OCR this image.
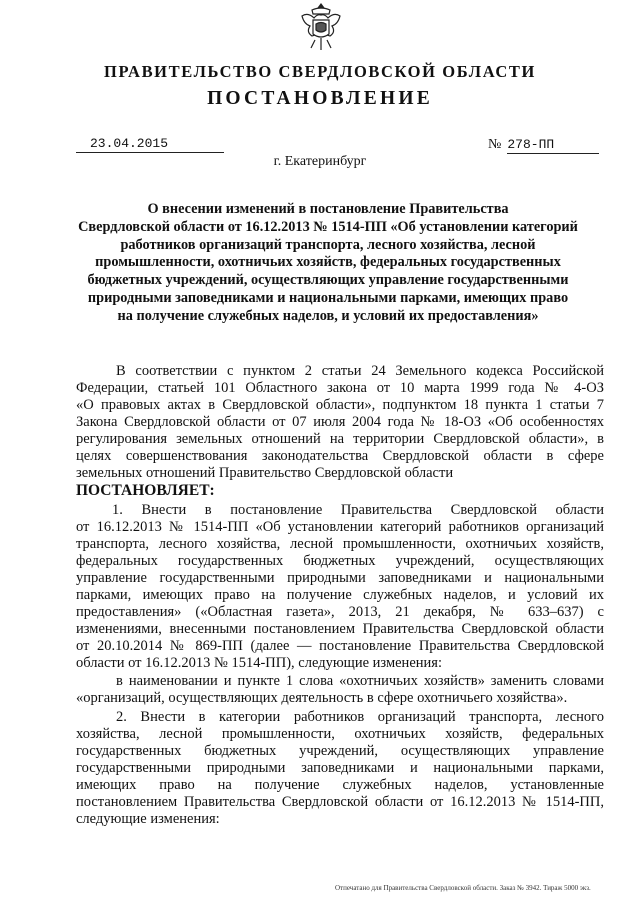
ПРАВИТЕЛЬСТВО СВЕРДЛОВСКОЙ ОБЛАСТИ
ПОСТАНОВЛЕНИЕ
23.04.2015	№ 278-ПП
г. Екатеринбург
О внесении изменений в постановление Правительства
Свердловской области от 16.12.2013 № 1514-ПП «Об установлении категорий
работников организаций транспорта, лесного хозяйства, лесной
промышленности, охотничьих хозяйств, федеральных государственных
бюджетных учреждений, осуществляющих управление государственными
природными заповедниками и национальными парками, имеющих право
на получение служебных наделов, и условий их предоставления»
В соответствии с пунктом 2 статьи 24 Земельного кодекса Российской
Федерации, статьей 101 Областного закона от 10 марта 1999 года № 4-ОЗ
«О правовых актах в Свердловской области», подпунктом 18 пункта 1 статьи 7
Закона Свердловской области от 07 июля 2004 года № 18-ОЗ «Об особенностях
регулирования земельных отношений на территории Свердловской области», в
целях совершенствования законодательства Свердловской области в сфере
земельных отношений Правительство Свердловской области
ПОСТАНОВЛЯЕТ:
1. Внести в постановление Правительства Свердловской области
от 16.12.2013 № 1514-ПП «Об установлении категорий работников организаций
транспорта, лесного хозяйства, лесной промышленности, охотничьих хозяйств,
федеральных государственных бюджетных учреждений, осуществляющих
управление государственными природными заповедниками и национальными
парками, имеющих право на получение служебных наделов, и условий их
предоставления» («Областная газета», 2013, 21 декабря, № 633–637) с
изменениями, внесенными постановлением Правительства Свердловской области
от 20.10.2014 № 869-ПП (далее — постановление Правительства Свердловской
области от 16.12.2013 № 1514-ПП), следующие изменения:
в наименовании и пункте 1 слова «охотничьих хозяйств» заменить словами
«организаций, осуществляющих деятельность в сфере охотничьего хозяйства».
2. Внести в категории работников организаций транспорта, лесного
хозяйства, лесной промышленности, охотничьих хозяйств, федеральных
государственных бюджетных учреждений, осуществляющих управление
государственными природными заповедниками и национальными парками,
имеющих право на получение служебных наделов, установленные
постановлением Правительства Свердловской области от 16.12.2013 № 1514-ПП,
следующие изменения:
Отпечатано для Правительства Свердловской области. Заказ № 3942. Тираж 5000 экз.
